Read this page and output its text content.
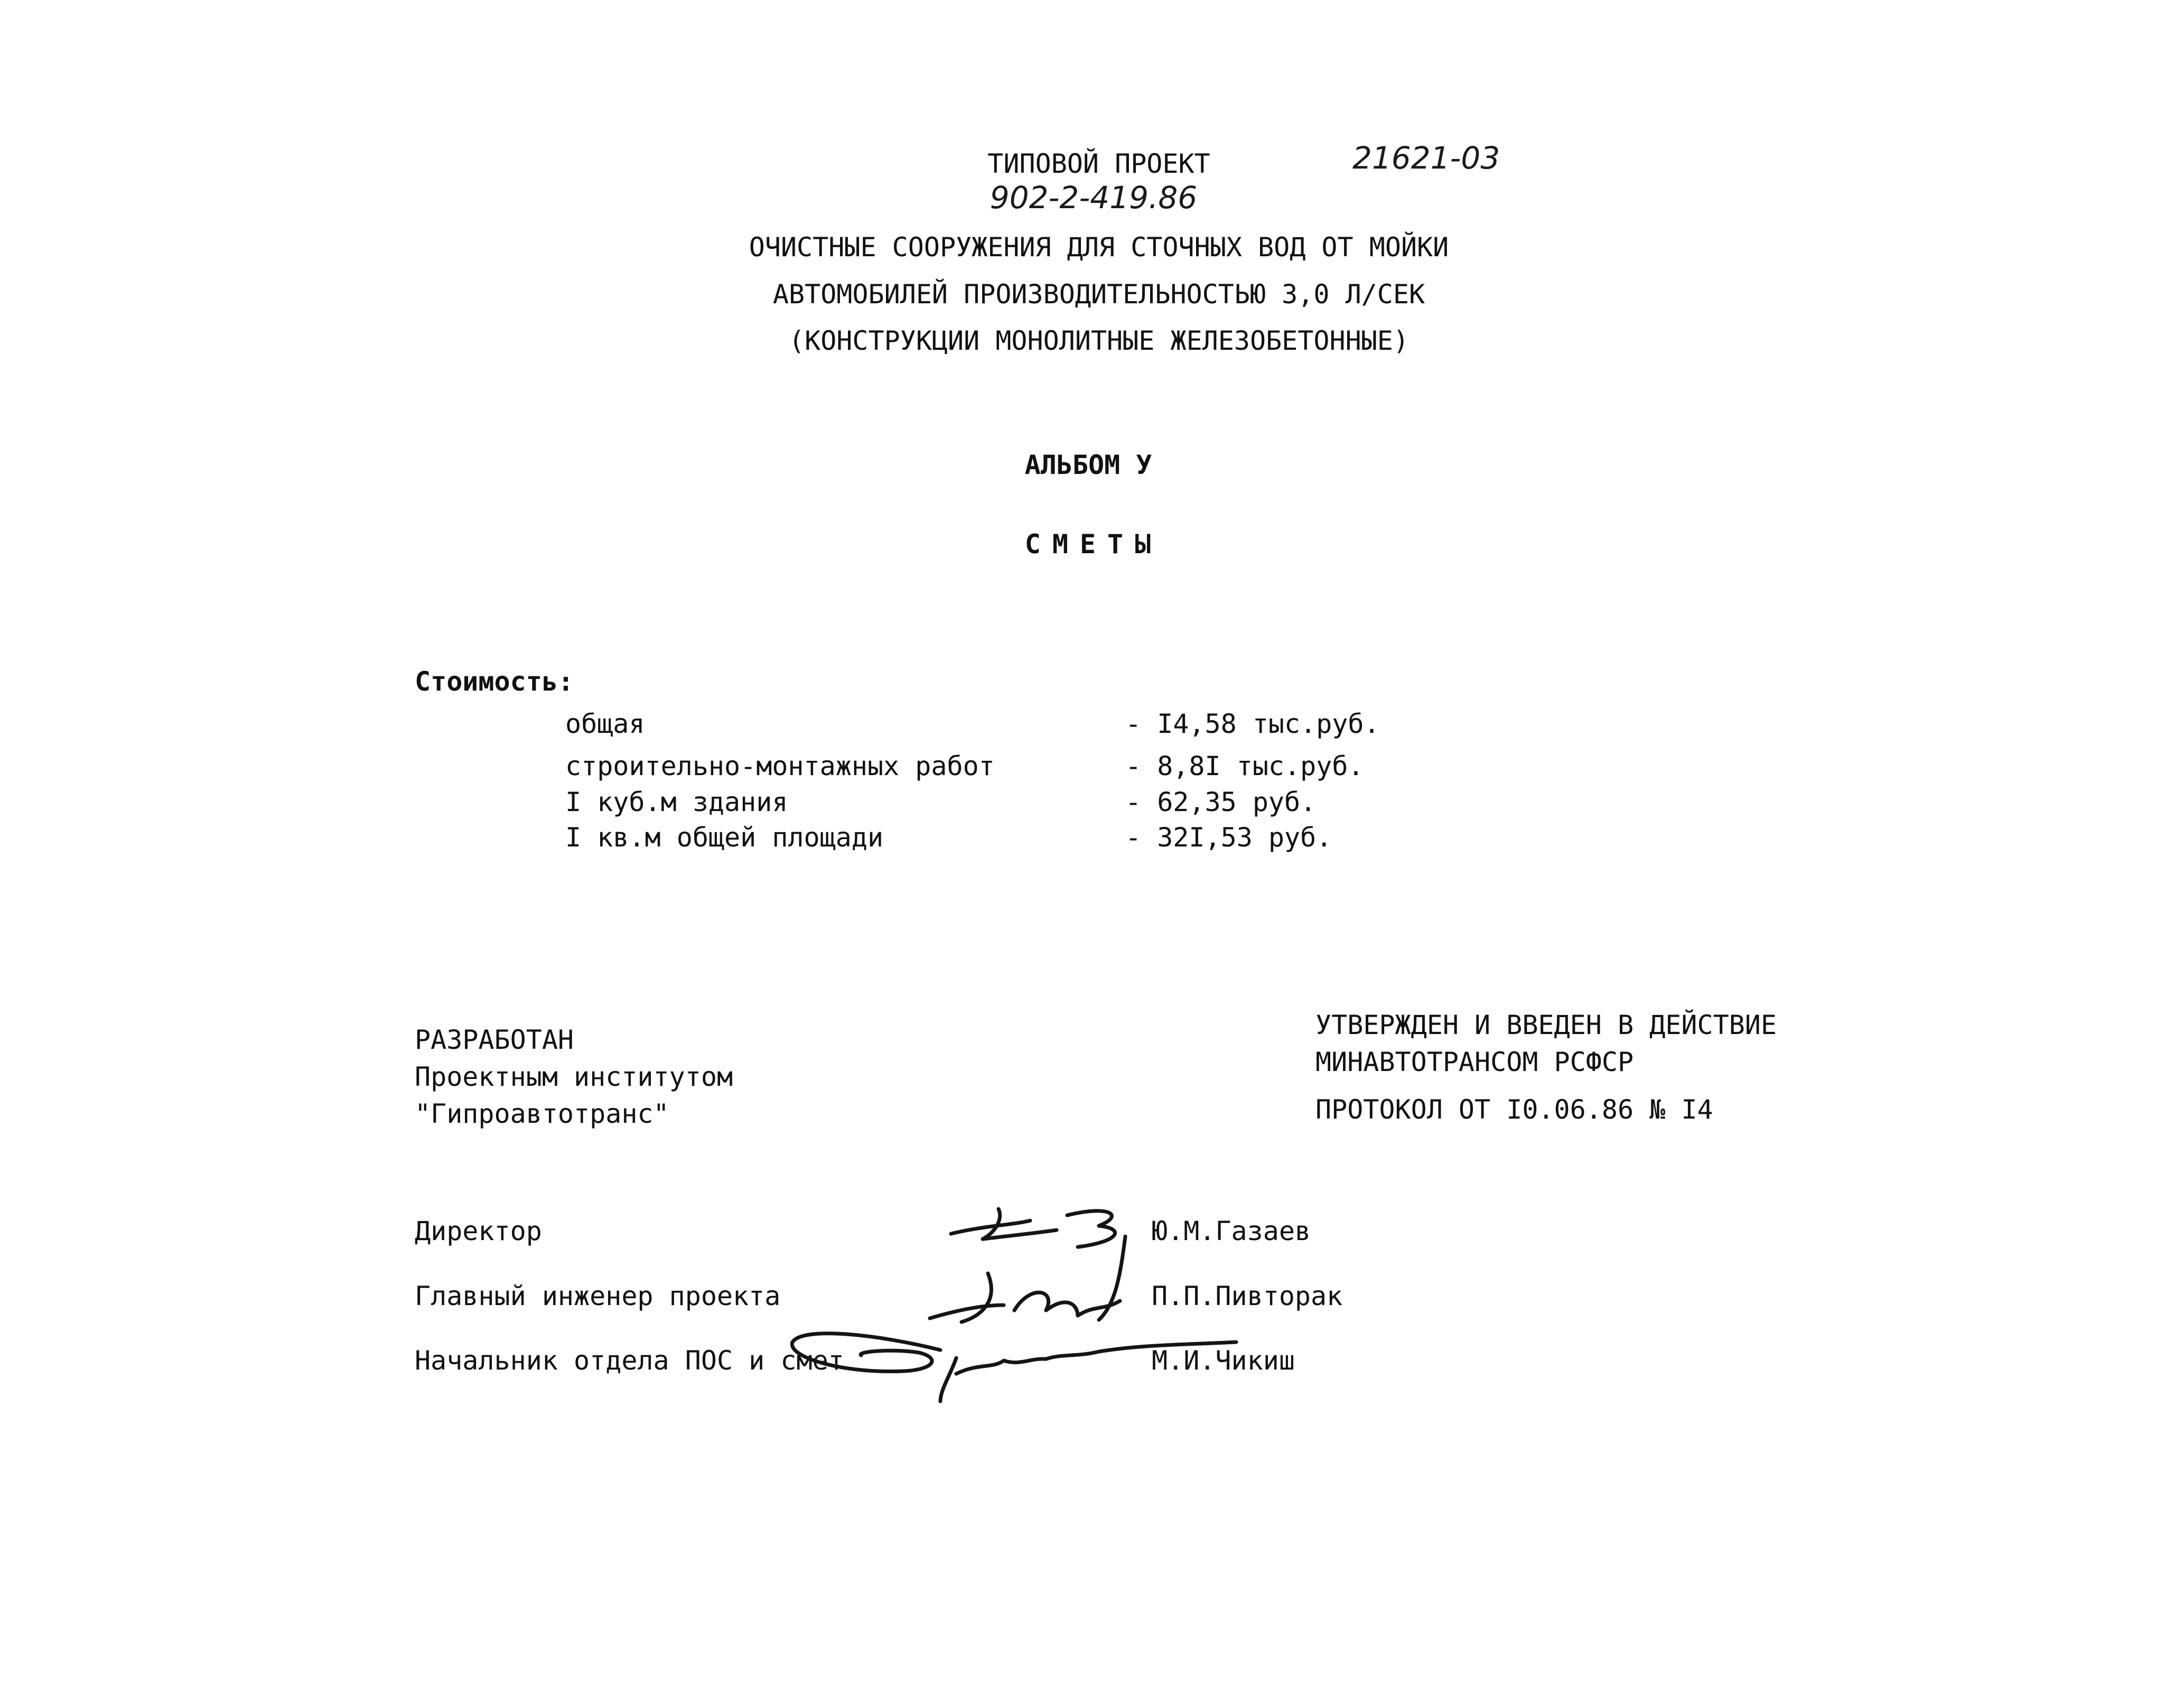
ТИПОВОЙ ПРОЕКТ
902-2-419.86
21621-03
ОЧИСТНЫЕ СООРУЖЕНИЯ ДЛЯ СТОЧНЫХ ВОД ОТ МОЙКИ
АВТОМОБИЛЕЙ ПРОИЗВОДИТЕЛЬНОСТЬЮ 3,0 Л/СЕК
(КОНСТРУКЦИИ МОНОЛИТНЫЕ ЖЕЛЕЗОБЕТОННЫЕ)
АЛЬБОМ У
СМЕТЫ
Стоимость:
общая	- I4,58 тыс.руб.
строительно-монтажных работ	- 8,8I тыс.руб.
I куб.м здания	- 62,35 руб.
I кв.м общей площади	- 32I,53 руб.
РАЗРАБОТАН
Проектным институтом
"Гипроавтотранс"
УТВЕРЖДЕН И ВВЕДЕН В ДЕЙСТВИЕ
МИНАВТОТРАНСОМ РСФСР
ПРОТОКОЛ ОТ I0.06.86 № I4
Директор	Ю.М.Газаев
Главный инженер проекта	П.П.Пивторак
Начальник отдела ПОС и смет	М.И.Чикиш
